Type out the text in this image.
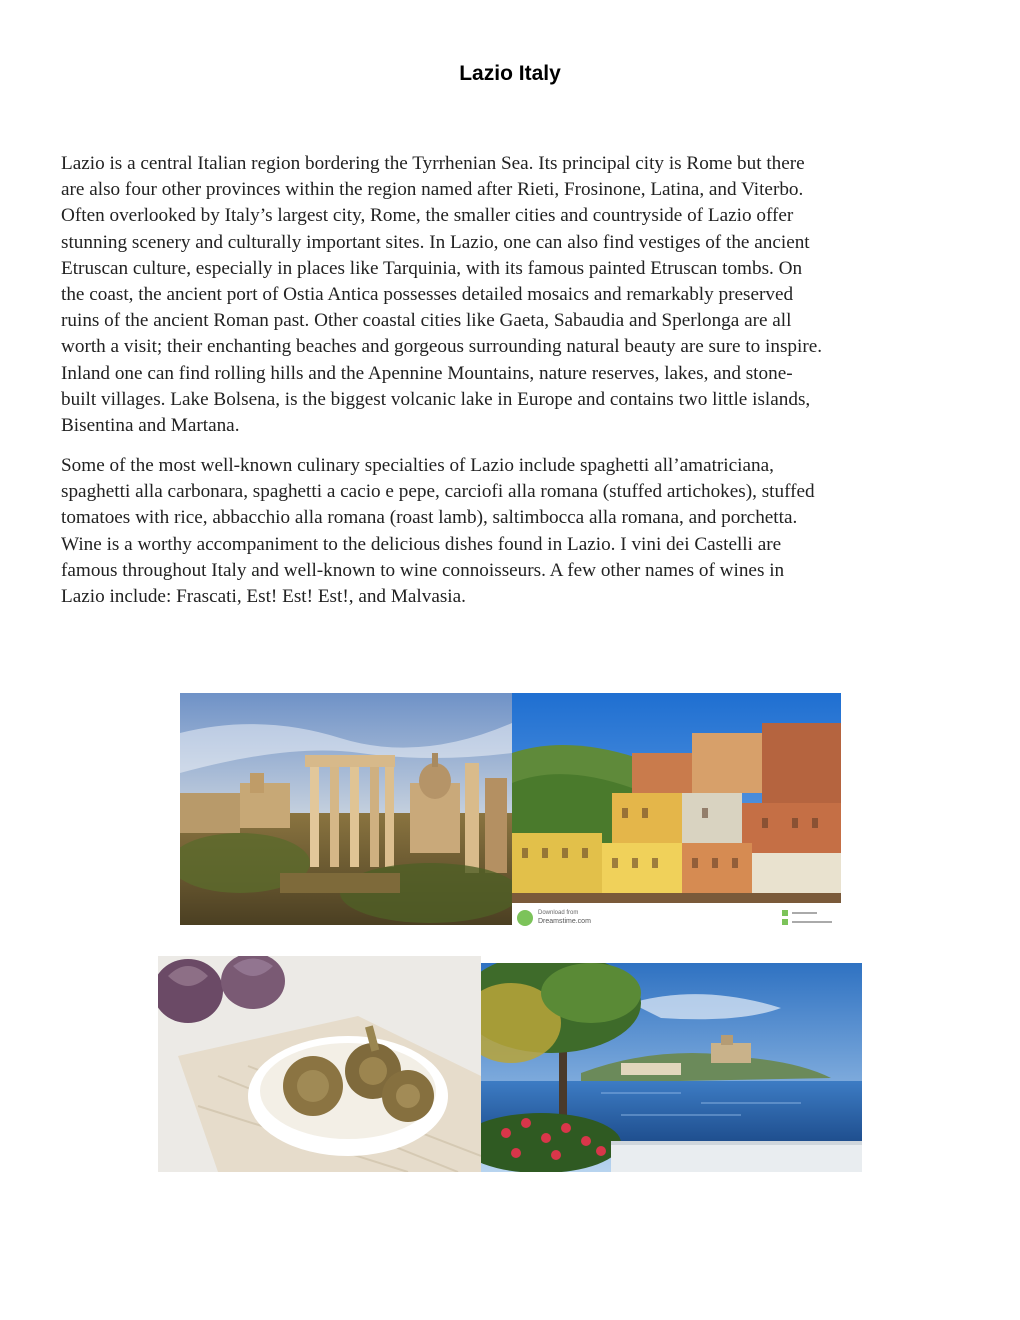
Lazio Italy
Lazio is a central Italian region bordering the Tyrrhenian Sea. Its principal city is Rome but there
are also four other provinces within the region named after Rieti, Frosinone, Latina, and Viterbo.
Often overlooked by Italy’s largest city, Rome, the smaller cities and countryside of Lazio offer
stunning scenery and culturally important sites. In Lazio, one can also find vestiges of the ancient
Etruscan culture, especially in places like Tarquinia, with its famous painted Etruscan tombs. On
the coast, the ancient port of Ostia Antica possesses detailed mosaics and remarkably preserved
ruins of the ancient Roman past. Other coastal cities like Gaeta, Sabaudia and Sperlonga are all
worth a visit; their enchanting beaches and gorgeous surrounding natural beauty are sure to inspire.
Inland one can find rolling hills and the Apennine Mountains, nature reserves, lakes, and stone-
built villages. Lake Bolsena, is the biggest volcanic lake in Europe and contains two little islands,
Bisentina and Martana.
Some of the most well-known culinary specialties of Lazio include spaghetti all’amatriciana,
spaghetti alla carbonara, spaghetti a cacio e pepe, carciofi alla romana (stuffed artichokes), stuffed
tomatoes with rice, abbacchio alla romana (roast lamb), saltimbocca alla romana, and porchetta.
Wine is a worthy accompaniment to the delicious dishes found in Lazio. I vini dei Castelli are
famous throughout Italy and well-known to wine connoisseurs. A few other names of wines in
Lazio include: Frascati, Est! Est! Est!, and Malvasia.
Download from
Dreamstime.com
